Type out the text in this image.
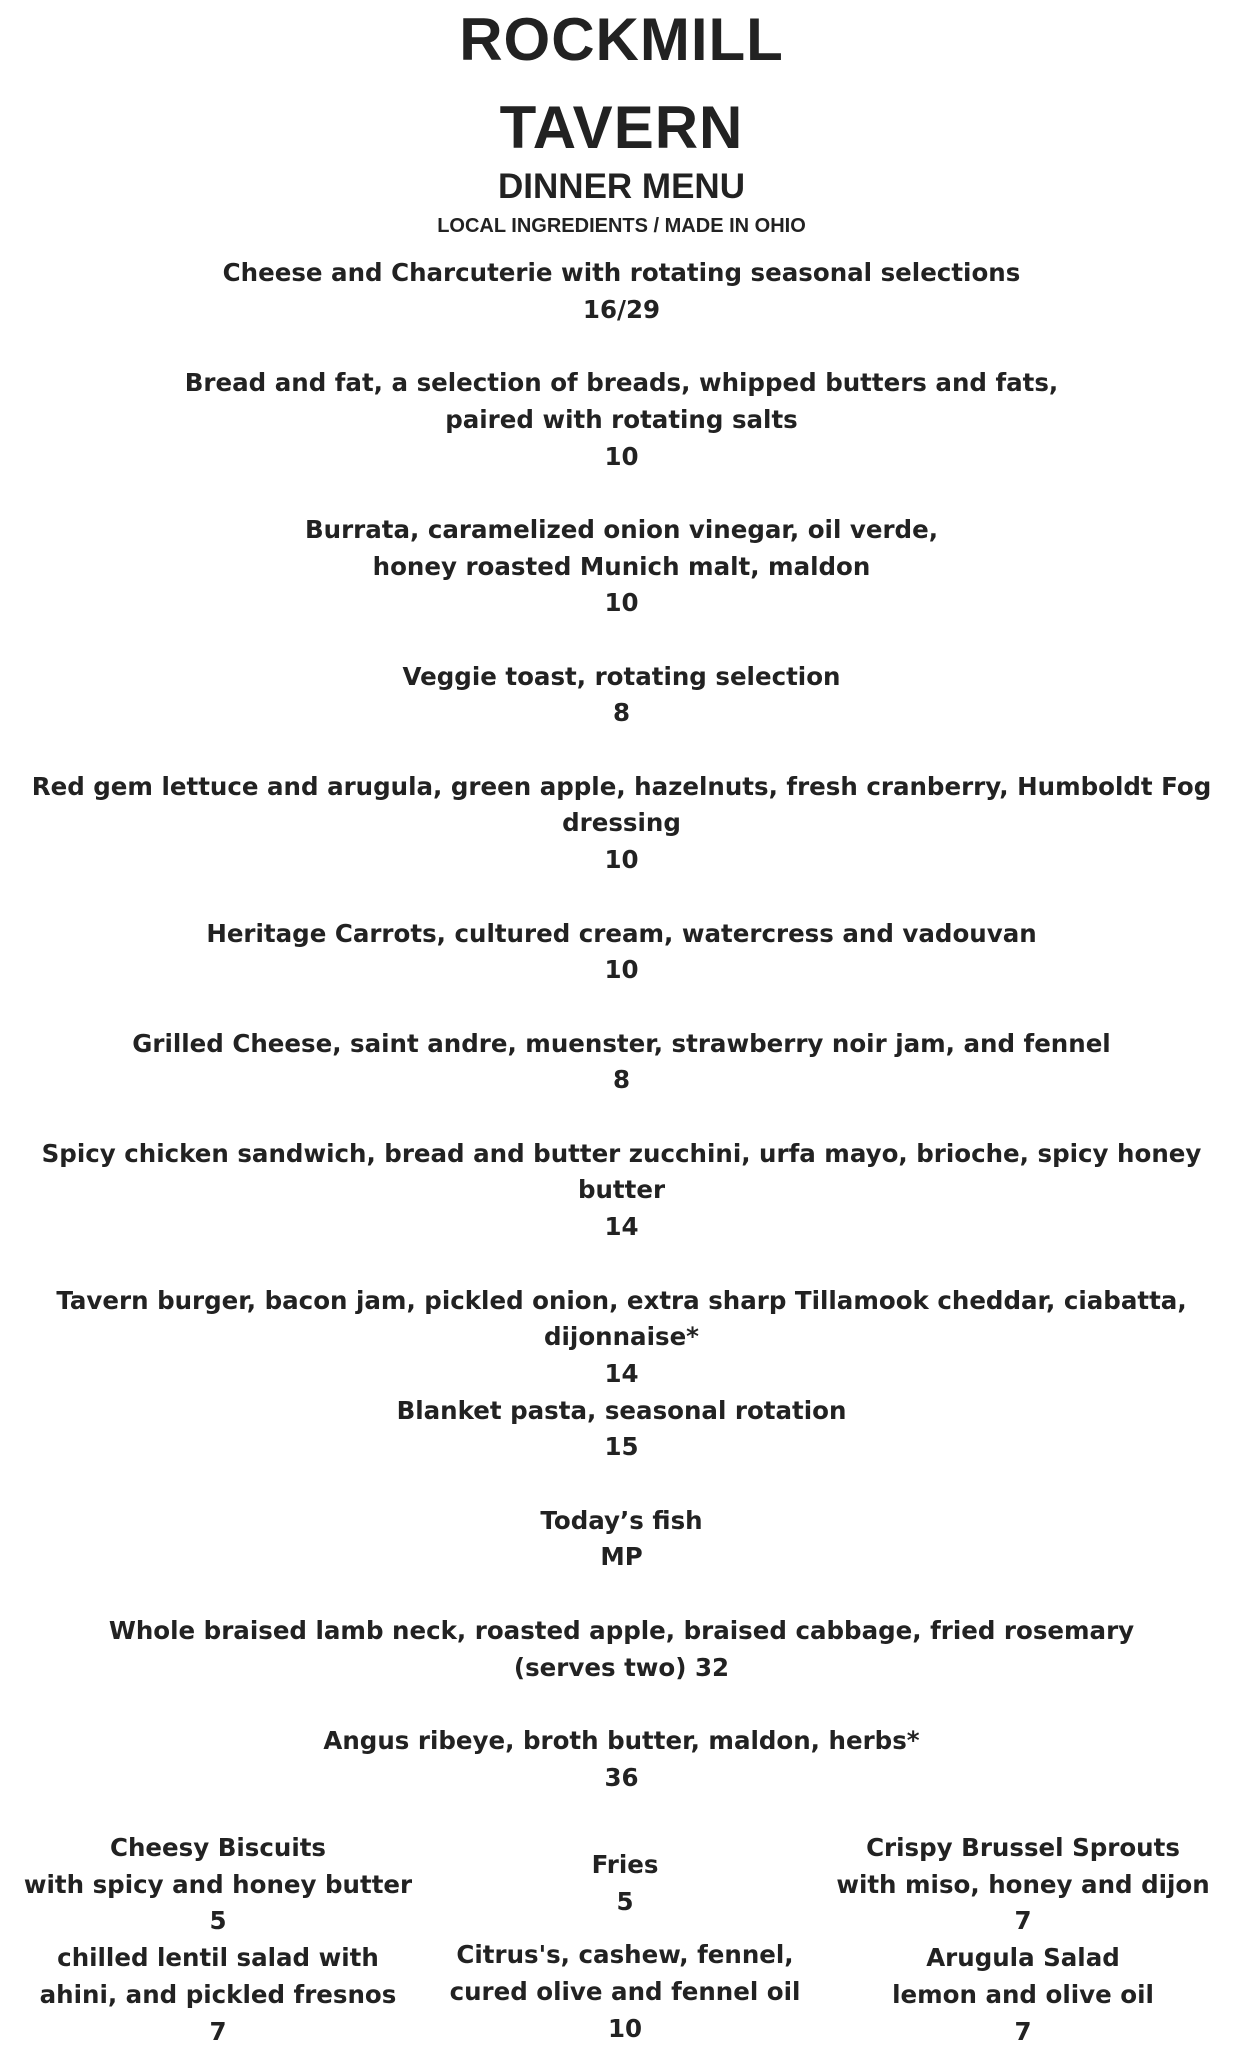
ROCKMILL
TAVERN
DINNER MENU
LOCAL INGREDIENTS / MADE IN OHIO

Cheese and Charcuterie with rotating seasonal selections

16/29

Bread and fat, a selection of breads, whipped butters and fats,

paired with rotating salts

10

Burrata, caramelized onion vinegar, oil verde,

honey roasted Munich malt, maldon

10

Veggie toast, rotating selection

8

Red gem lettuce and arugula, green apple, hazelnuts, fresh cranberry, Humboldt Fog

dressing

10

Heritage Carrots, cultured cream, watercress and vadouvan

10

Grilled Cheese, saint andre, muenster, strawberry noir jam, and fennel

8

Spicy chicken sandwich, bread and butter zucchini, urfa mayo, brioche, spicy honey

butter

14

Tavern burger, bacon jam, pickled onion, extra sharp Tillamook cheddar, ciabatta,

dijonnaise*

14

Blanket pasta, seasonal rotation

15

Today’s fish

MP

Whole braised lamb neck, roasted apple, braised cabbage, fried rosemary

(serves two) 32

Angus ribeye, broth butter, maldon, herbs*

36

Cheesy Biscuits

with spicy and honey butter

5

chilled lentil salad with

ahini, and pickled fresnos

7

Fries

5

Citrus's, cashew, fennel,

cured olive and fennel oil

10

Crispy Brussel Sprouts

with miso, honey and dijon

7

Arugula Salad

lemon and olive oil

7
